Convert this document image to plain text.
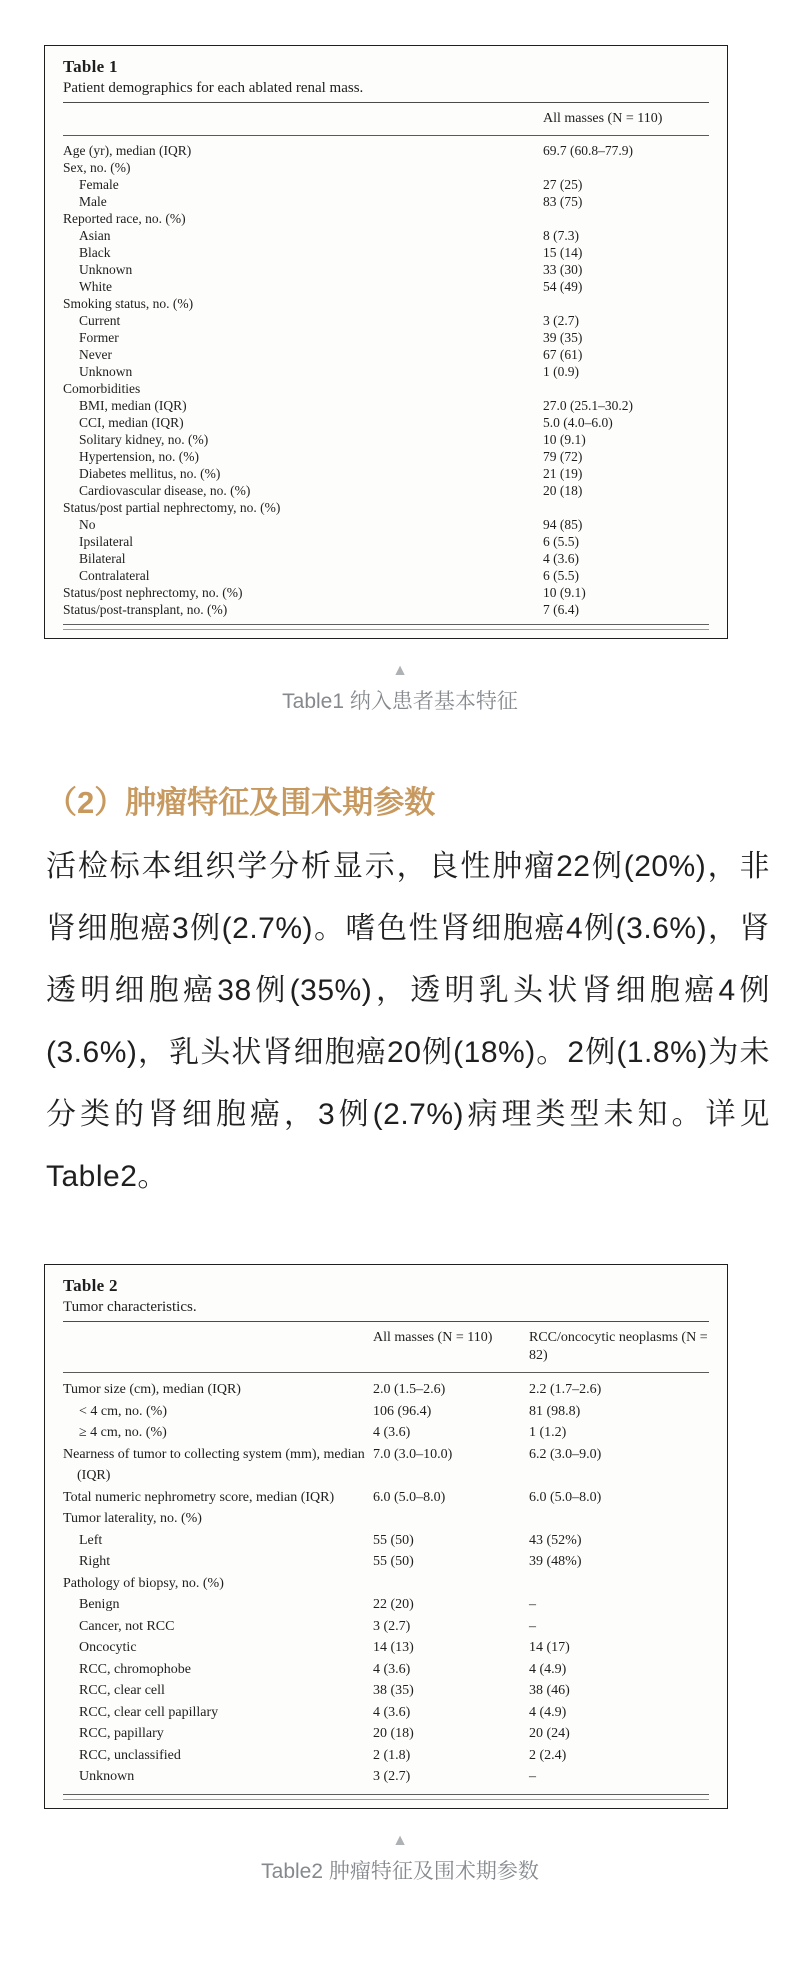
Table 1
Patient demographics for each ablated renal mass.
All masses (N = 110)
Age (yr), median (IQR)	69.7 (60.8–77.9)
Sex, no. (%)
Female	27 (25)
Male	83 (75)
Reported race, no. (%)
Asian	8 (7.3)
Black	15 (14)
Unknown	33 (30)
White	54 (49)
Smoking status, no. (%)
Current	3 (2.7)
Former	39 (35)
Never	67 (61)
Unknown	1 (0.9)
Comorbidities
BMI, median (IQR)	27.0 (25.1–30.2)
CCI, median (IQR)	5.0 (4.0–6.0)
Solitary kidney, no. (%)	10 (9.1)
Hypertension, no. (%)	79 (72)
Diabetes mellitus, no. (%)	21 (19)
Cardiovascular disease, no. (%)	20 (18)
Status/post partial nephrectomy, no. (%)
No	94 (85)
Ipsilateral	6 (5.5)
Bilateral	4 (3.6)
Contralateral	6 (5.5)
Status/post nephrectomy, no. (%)	10 (9.1)
Status/post-transplant, no. (%)	7 (6.4)
▲
Table1 纳入患者基本特征
（2）肿瘤特征及围术期参数

活检标本组织学分析显示，良性肿瘤22例(20%)，非肾细胞癌3例(2.7%)。嗜色性肾细胞癌4例(3.6%)，肾透明细胞癌38例(35%)，透明乳头状肾细胞癌4例(3.6%)，乳头状肾细胞癌20例(18%)。2例(1.8%)为未分类的肾细胞癌，3例(2.7%)病理类型未知。详见Table2。

Table 2
Tumor characteristics.
All masses (N = 110)	RCC/oncocytic neoplasms (N = 82)
Tumor size (cm), median (IQR)	2.0 (1.5–2.6)	2.2 (1.7–2.6)
< 4 cm, no. (%)	106 (96.4)	81 (98.8)
≥ 4 cm, no. (%)	4 (3.6)	1 (1.2)
Nearness of tumor to collecting system (mm), median (IQR)
7.0 (3.0–10.0)	6.2 (3.0–9.0)
Total numeric nephrometry score, median (IQR)	6.0 (5.0–8.0)	6.0 (5.0–8.0)
Tumor laterality, no. (%)
Left	55 (50)	43 (52%)
Right	55 (50)	39 (48%)
Pathology of biopsy, no. (%)
Benign	22 (20)	–
Cancer, not RCC	3 (2.7)	–
Oncocytic	14 (13)	14 (17)
RCC, chromophobe	4 (3.6)	4 (4.9)
RCC, clear cell	38 (35)	38 (46)
RCC, clear cell papillary	4 (3.6)	4 (4.9)
RCC, papillary	20 (18)	20 (24)
RCC, unclassified	2 (1.8)	2 (2.4)
Unknown	3 (2.7)	–
▲
Table2 肿瘤特征及围术期参数
